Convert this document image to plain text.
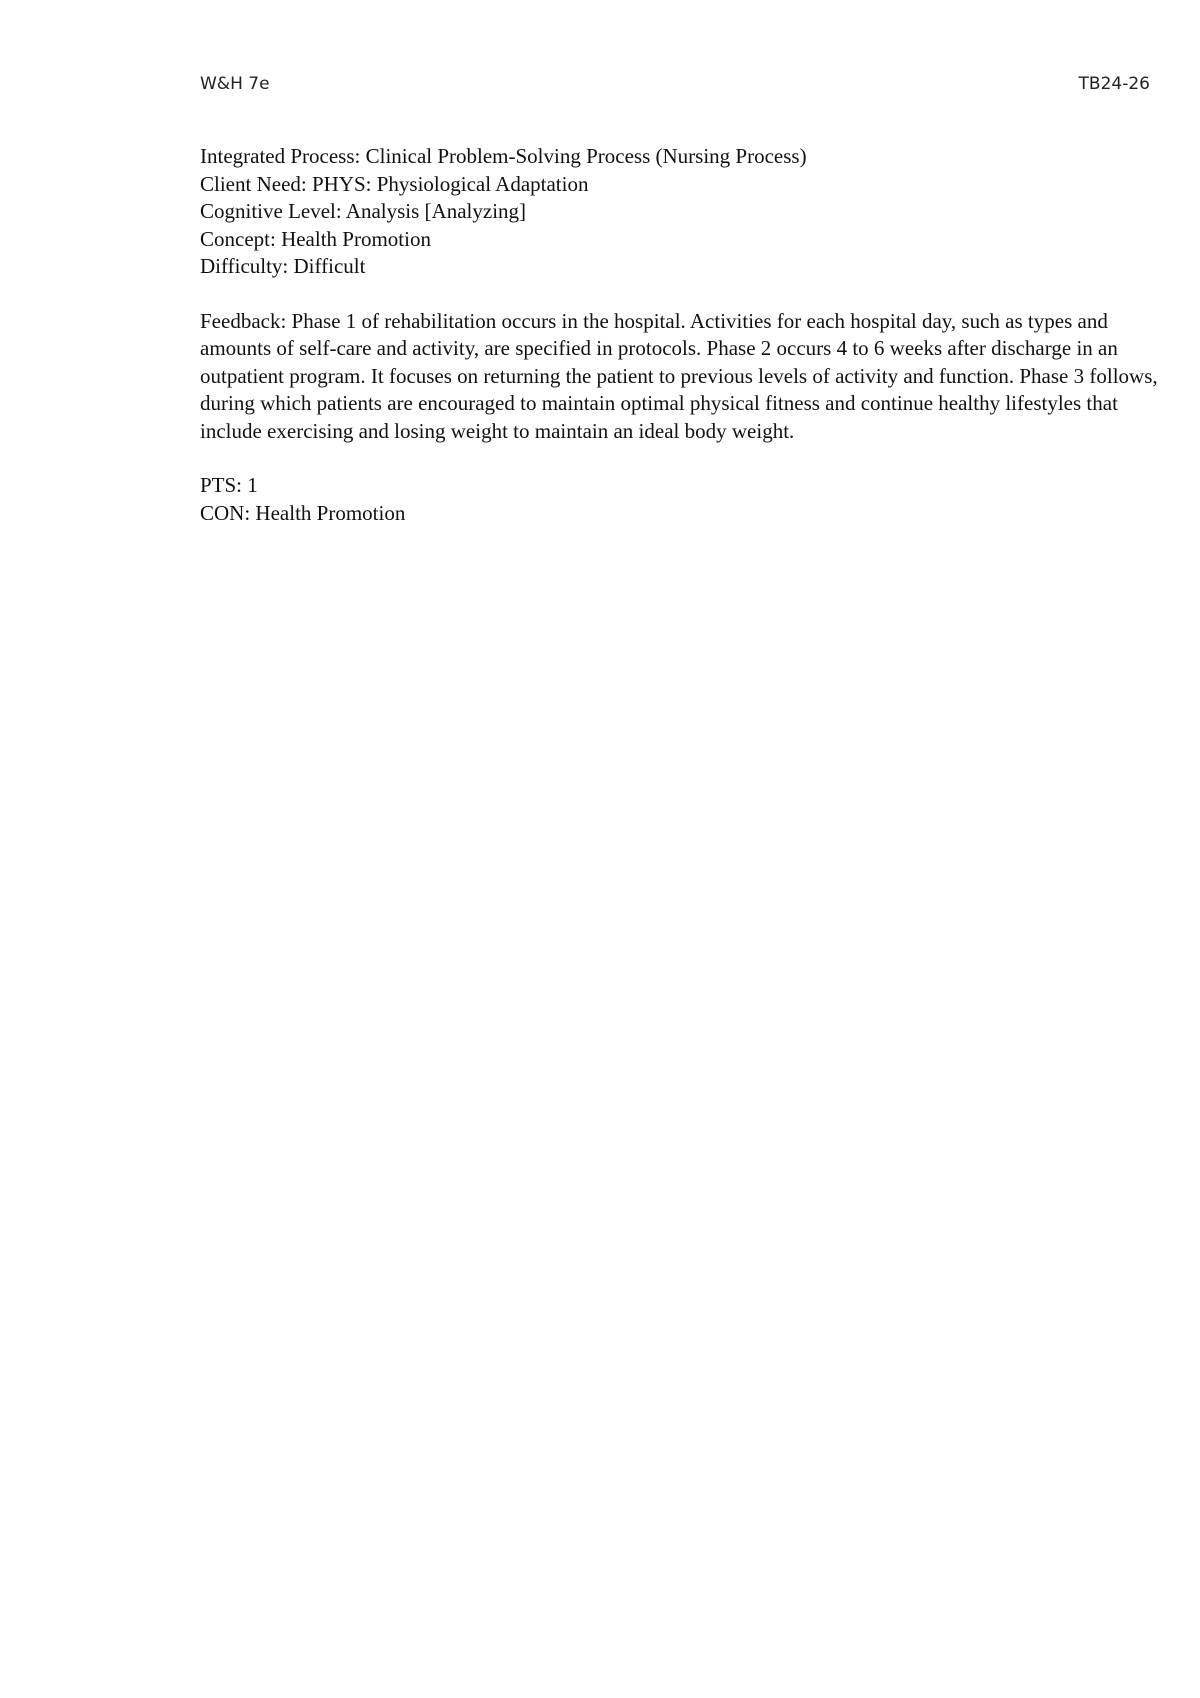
W&H 7e	TB24-26
Integrated Process: Clinical Problem-Solving Process (Nursing Process)
Client Need: PHYS: Physiological Adaptation
Cognitive Level: Analysis [Analyzing]
Concept: Health Promotion
Difficulty: Difficult
Feedback: Phase 1 of rehabilitation occurs in the hospital. Activities for each hospital day, such as types and amounts of self-care and activity, are specified in protocols. Phase 2 occurs 4 to 6 weeks after discharge in an outpatient program. It focuses on returning the patient to previous levels of activity and function. Phase 3 follows, during which patients are encouraged to maintain optimal physical fitness and continue healthy lifestyles that include exercising and losing weight to maintain an ideal body weight.
PTS: 1
CON: Health Promotion
